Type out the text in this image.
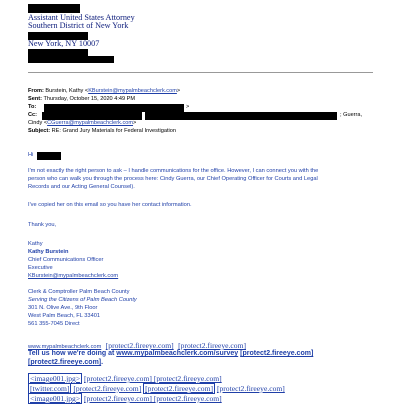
Assistant United States Attorney
Southern District of New York
New York, NY 10007
From: Burstein, Kathy <KBurstein@mypalmbeachclerk.com>
Sent: Thursday, October 15, 2020 4:49 PM
To:	>
Cc:	; Guerra,
Cindy <CGuerra@mypalmbeachclerk.com>
Subject: RE: Grand Jury Materials for Federal Investigation
Hi
I'm not exactly the right person to ask – I handle communications for the office. However, I can connect you with the
person who can walk you through the process here: Cindy Guerra, our Chief Operating Officer for Courts and Legal
Records and our Acting General Counsel).
I've copied her on this email so you have her contact information.
Thank you,
Kathy
Kathy Burstein
Chief Communications Officer
Executive
KBurstein@mypalmbeachclerk.com
Clerk & Comptroller Palm Beach County
Serving the Citizens of Palm Beach County
301 N. Olive Ave., 9th Floor
West Palm Beach, FL 33401
561 355-7045 Direct
www.mypalmbeachclerk.com [protect2.fireeye.com] [protect2.fireeye.com]
Tell us how we're doing at www.mypalmbeachclerk.com/survey [protect2.fireeye.com]
[protect2.fireeye.com].
<image001.jpg> [protect2.fireeye.com] [protect2.fireeye.com]
[twitter.com] [protect2.fireeye.com] [protect2.fireeye.com] [protect2.fireeye.com]
<image001.jpg> [protect2.fireeye.com] [protect2.fireeye.com]
